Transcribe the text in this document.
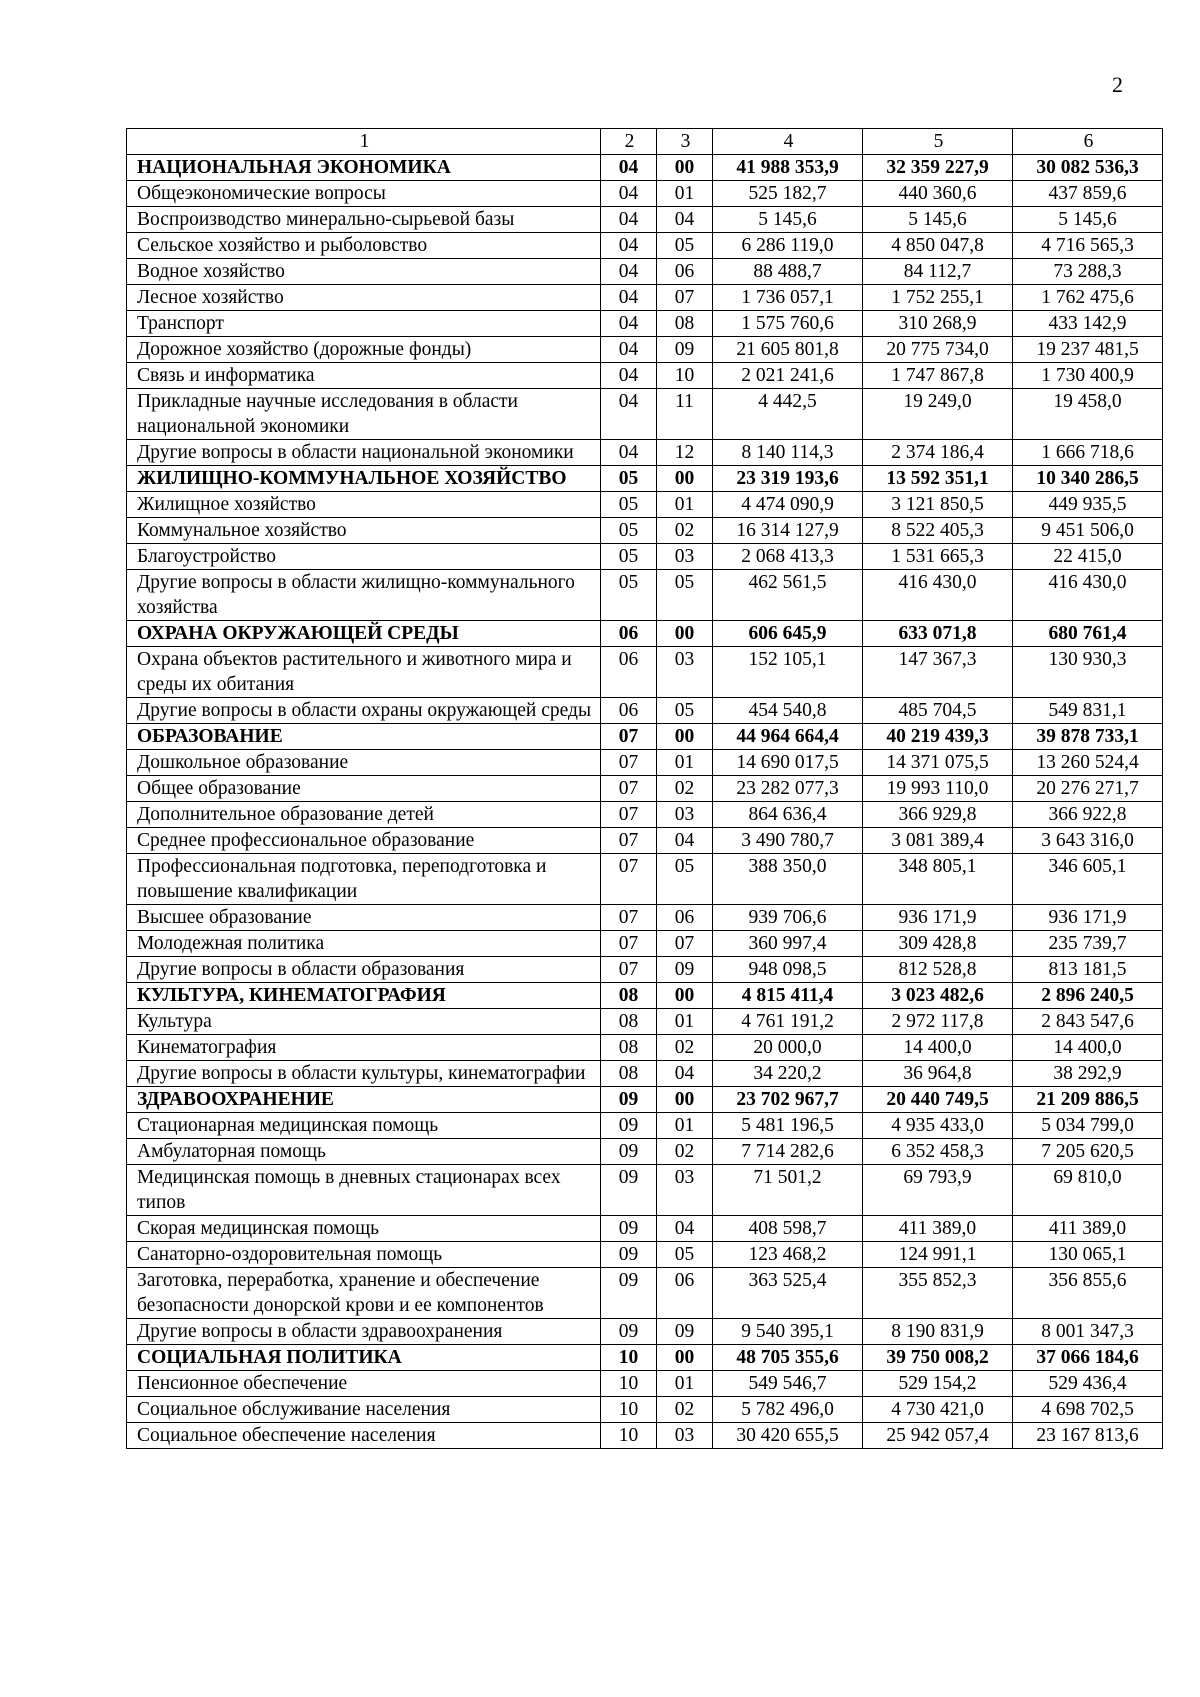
2
1	2	3	4	5	6
НАЦИОНАЛЬНАЯ ЭКОНОМИКА	04	00	41 988 353,9	32 359 227,9	30 082 536,3
Общеэкономические вопросы	04	01	525 182,7	440 360,6	437 859,6
Воспроизводство минерально-сырьевой базы	04	04	5 145,6	5 145,6	5 145,6
Сельское хозяйство и рыболовство	04	05	6 286 119,0	4 850 047,8	4 716 565,3
Водное хозяйство	04	06	88 488,7	84 112,7	73 288,3
Лесное хозяйство	04	07	1 736 057,1	1 752 255,1	1 762 475,6
Транспорт	04	08	1 575 760,6	310 268,9	433 142,9
Дорожное хозяйство (дорожные фонды)	04	09	21 605 801,8	20 775 734,0	19 237 481,5
Связь и информатика	04	10	2 021 241,6	1 747 867,8	1 730 400,9
Прикладные научные исследования в области национальной экономики	04	11	4 442,5	19 249,0	19 458,0
Другие вопросы в области национальной экономики	04	12	8 140 114,3	2 374 186,4	1 666 718,6
ЖИЛИЩНО-КОММУНАЛЬНОЕ ХОЗЯЙСТВО	05	00	23 319 193,6	13 592 351,1	10 340 286,5
Жилищное хозяйство	05	01	4 474 090,9	3 121 850,5	449 935,5
Коммунальное хозяйство	05	02	16 314 127,9	8 522 405,3	9 451 506,0
Благоустройство	05	03	2 068 413,3	1 531 665,3	22 415,0
Другие вопросы в области жилищно-коммунального хозяйства	05	05	462 561,5	416 430,0	416 430,0
ОХРАНА ОКРУЖАЮЩЕЙ СРЕДЫ	06	00	606 645,9	633 071,8	680 761,4
Охрана объектов растительного и животного мира и среды их обитания	06	03	152 105,1	147 367,3	130 930,3
Другие вопросы в области охраны окружающей среды	06	05	454 540,8	485 704,5	549 831,1
ОБРАЗОВАНИЕ	07	00	44 964 664,4	40 219 439,3	39 878 733,1
Дошкольное образование	07	01	14 690 017,5	14 371 075,5	13 260 524,4
Общее образование	07	02	23 282 077,3	19 993 110,0	20 276 271,7
Дополнительное образование детей	07	03	864 636,4	366 929,8	366 922,8
Среднее профессиональное образование	07	04	3 490 780,7	3 081 389,4	3 643 316,0
Профессиональная подготовка, переподготовка и повышение квалификации	07	05	388 350,0	348 805,1	346 605,1
Высшее образование	07	06	939 706,6	936 171,9	936 171,9
Молодежная политика	07	07	360 997,4	309 428,8	235 739,7
Другие вопросы в области образования	07	09	948 098,5	812 528,8	813 181,5
КУЛЬТУРА, КИНЕМАТОГРАФИЯ	08	00	4 815 411,4	3 023 482,6	2 896 240,5
Культура	08	01	4 761 191,2	2 972 117,8	2 843 547,6
Кинематография	08	02	20 000,0	14 400,0	14 400,0
Другие вопросы в области культуры, кинематографии	08	04	34 220,2	36 964,8	38 292,9
ЗДРАВООХРАНЕНИЕ	09	00	23 702 967,7	20 440 749,5	21 209 886,5
Стационарная медицинская помощь	09	01	5 481 196,5	4 935 433,0	5 034 799,0
Амбулаторная помощь	09	02	7 714 282,6	6 352 458,3	7 205 620,5
Медицинская помощь в дневных стационарах всех типов	09	03	71 501,2	69 793,9	69 810,0
Скорая медицинская помощь	09	04	408 598,7	411 389,0	411 389,0
Санаторно-оздоровительная помощь	09	05	123 468,2	124 991,1	130 065,1
Заготовка, переработка, хранение и обеспечение безопасности донорской крови и ее компонентов	09	06	363 525,4	355 852,3	356 855,6
Другие вопросы в области здравоохранения	09	09	9 540 395,1	8 190 831,9	8 001 347,3
СОЦИАЛЬНАЯ ПОЛИТИКА	10	00	48 705 355,6	39 750 008,2	37 066 184,6
Пенсионное обеспечение	10	01	549 546,7	529 154,2	529 436,4
Социальное обслуживание населения	10	02	5 782 496,0	4 730 421,0	4 698 702,5
Социальное обеспечение населения	10	03	30 420 655,5	25 942 057,4	23 167 813,6
